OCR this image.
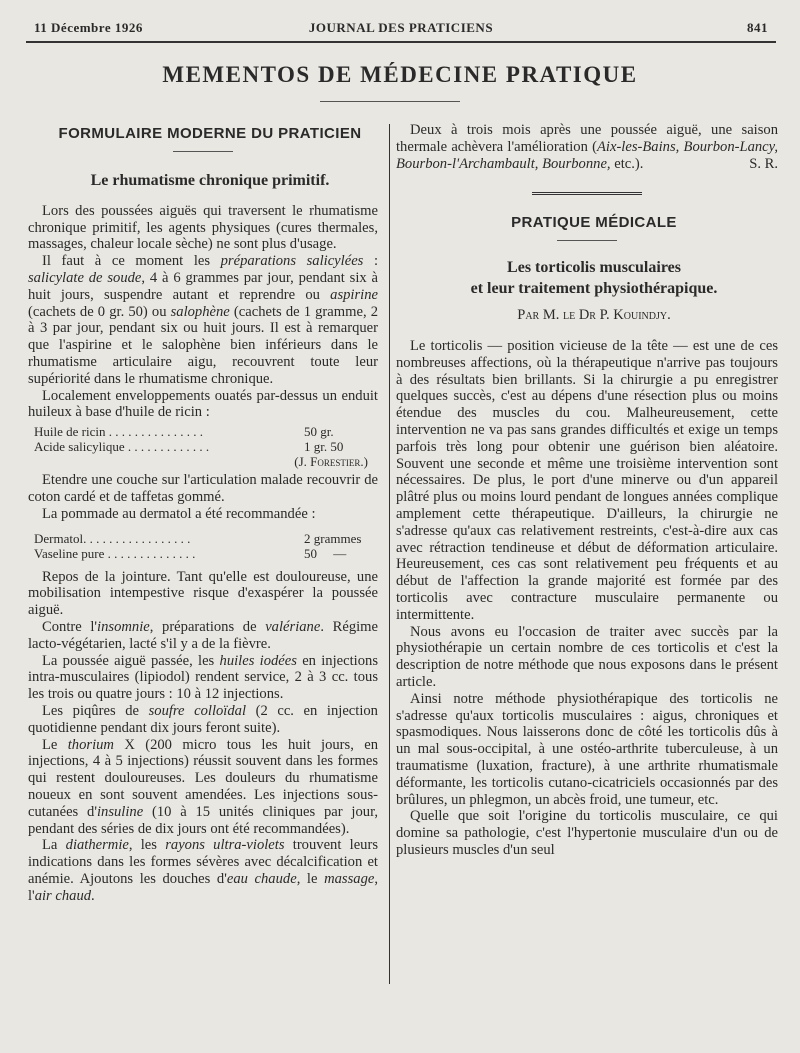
11 Décembre 1926	JOURNAL DES PRATICIENS	841
MEMENTOS DE MÉDECINE PRATIQUE

FORMULAIRE MODERNE DU PRATICIEN

Le rhumatisme chronique primitif.

Lors des poussées aiguës qui traversent le rhumatisme chronique primitif, les agents physiques (cures thermales, massages, chaleur locale sèche) ne sont plus d'usage.

Il faut à ce moment les préparations salicylées : salicylate de soude, 4 à 6 grammes par jour, pendant six à huit jours, suspendre autant et reprendre ou aspirine (cachets de 0 gr. 50) ou salophène (cachets de 1 gramme, 2 à 3 par jour, pendant six ou huit jours. Il est à remarquer que l'aspirine et le salophène bien inférieurs dans le rhumatisme articulaire aigu, recouvrent toute leur supériorité dans le rhumatisme chronique.

Localement enveloppements ouatés par-dessus un enduit huileux à base d'huile de ricin :

Huile de ricin . . . . . . . . . . . . . . .	50 gr.
Acide salicylique . . . . . . . . . . . . .	1 gr. 50
(J. Forestier.)

Etendre une couche sur l'articulation malade recouvrir de coton cardé et de taffetas gommé.

La pommade au dermatol a été recommandée :

Dermatol. . . . . . . . . . . . . . . . .	2 grammes
Vaseline pure . . . . . . . . . . . . . .	50     —

Repos de la jointure. Tant qu'elle est douloureuse, une mobilisation intempestive risque d'exaspérer la poussée aiguë.

Contre l'insomnie, préparations de valériane. Régime lacto-végétarien, lacté s'il y a de la fièvre.

La poussée aiguë passée, les huiles iodées en injections intra-musculaires (lipiodol) rendent service, 2 à 3 cc. tous les trois ou quatre jours : 10 à 12 injections.

Les piqûres de soufre colloïdal (2 cc. en injection quotidienne pendant dix jours feront suite).

Le thorium X (200 micro tous les huit jours, en injections, 4 à 5 injections) réussit souvent dans les formes qui restent douloureuses. Les douleurs du rhumatisme noueux en sont souvent amendées. Les injections sous-cutanées d'insuline (10 à 15 unités cliniques par jour, pendant des séries de dix jours ont été recommandées).

La diathermie, les rayons ultra-violets trouvent leurs indications dans les formes sévères avec décalcification et anémie. Ajoutons les douches d'eau chaude, le massage, l'air chaud.

Deux à trois mois après une poussée aiguë, une saison thermale achèvera l'amélioration (Aix-les-Bains, Bourbon-Lancy, Bourbon-l'Archambault, Bourbonne, etc.).	S. R.

PRATIQUE MÉDICALE

Les torticolis musculaires

et leur traitement physiothérapique.

Par M. le Dr P. Kouindjy.

Le torticolis — position vicieuse de la tête — est une de ces nombreuses affections, où la thérapeutique n'arrive pas toujours à des résultats bien brillants. Si la chirurgie a pu enregistrer quelques succès, c'est au dépens d'une résection plus ou moins étendue des muscles du cou. Malheureusement, cette intervention ne va pas sans grandes difficultés et exige un temps parfois très long pour obtenir une guérison bien aléatoire. Souvent une seconde et même une troisième intervention sont nécessaires. De plus, le port d'une minerve ou d'un appareil plâtré plus ou moins lourd pendant de longues années complique amplement cette thérapeutique. D'ailleurs, la chirurgie ne s'adresse qu'aux cas relativement restreints, c'est-à-dire aux cas avec rétraction tendineuse et début de déformation articulaire. Heureusement, ces cas sont relativement peu fréquents et au début de l'affection la grande majorité est formée par des torticolis avec contracture musculaire permanente ou intermittente.

Nous avons eu l'occasion de traiter avec succès par la physiothérapie un certain nombre de ces torticolis et c'est la description de notre méthode que nous exposons dans le présent article.

Ainsi notre méthode physiothérapique des torticolis ne s'adresse qu'aux torticolis musculaires : aigus, chroniques et spasmodiques. Nous laisserons donc de côté les torticolis dûs à un mal sous-occipital, à une ostéo-arthrite tuberculeuse, à un traumatisme (luxation, fracture), à une arthrite rhumatismale déformante, les torticolis cutano-cicatriciels occasionnés par des brûlures, un phlegmon, un abcès froid, une tumeur, etc.

Quelle que soit l'origine du torticolis musculaire, ce qui domine sa pathologie, c'est l'hypertonie musculaire d'un ou de plusieurs muscles d'un seul
